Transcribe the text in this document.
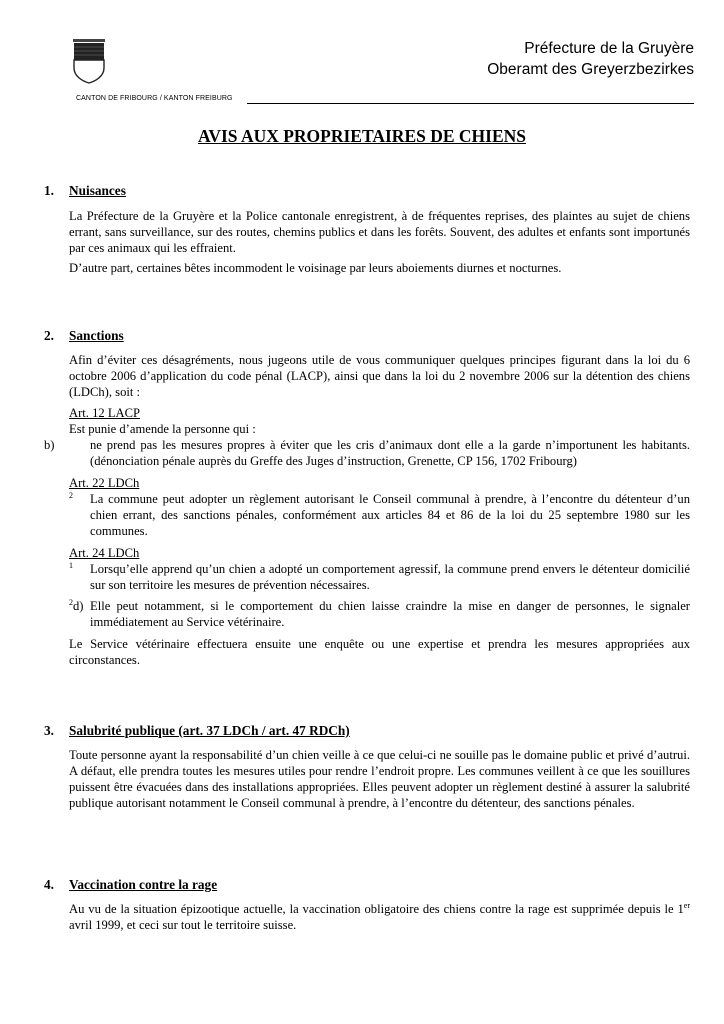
Préfecture de la Gruyère
Oberamt des Greyerzbezirkes
CANTON DE FRIBOURG / KANTON FREIBURG
AVIS AUX PROPRIETAIRES DE CHIENS
1. Nuisances

La Préfecture de la Gruyère et la Police cantonale enregistrent, à de fréquentes reprises, des plaintes au sujet de chiens errant, sans surveillance, sur des routes, chemins publics et dans les forêts. Souvent, des adultes et enfants sont importunés par ces animaux qui les effraient.

D’autre part, certaines bêtes incommodent le voisinage par leurs aboiements diurnes et nocturnes.

2. Sanctions

Afin d’éviter ces désagréments, nous jugeons utile de vous communiquer quelques principes figurant dans la loi du 6 octobre 2006 d’application du code pénal (LACP), ainsi que dans la loi du 2 novembre 2006 sur la détention des chiens (LDCh), soit :

Art. 12 LACP
Est punie d’amende la personne qui :
b)	ne prend pas les mesures propres à éviter que les cris d’animaux dont elle a la garde n’importunent les habitants. (dénonciation pénale auprès du Greffe des Juges d’instruction, Grenette, CP 156, 1702 Fribourg)
Art. 22 LDCh
2 La commune peut adopter un règlement autorisant le Conseil communal à prendre, à l’encontre du détenteur d’un chien errant, des sanctions pénales, conformément aux articles 84 et 86 de la loi du 25 septembre 1980 sur les communes.
Art. 24 LDCh
1 Lorsqu’elle apprend qu’un chien a adopté un comportement agressif, la commune prend envers le détenteur domicilié sur son territoire les mesures de prévention nécessaires.
$^2$d) Elle peut notamment, si le comportement du chien laisse craindre la mise en danger de personnes, le signaler immédiatement au Service vétérinaire.

Le Service vétérinaire effectuera ensuite une enquête ou une expertise et prendra les mesures appropriées aux circonstances.

3. Salubrité publique (art. 37 LDCh / art. 47 RDCh)

Toute personne ayant la responsabilité d’un chien veille à ce que celui-ci ne souille pas le domaine public et privé d’autrui. A défaut, elle prendra toutes les mesures utiles pour rendre l’endroit propre. Les communes veillent à ce que les souillures puissent être évacuées dans des installations appropriées. Elles peuvent adopter un règlement destiné à assurer la salubrité publique autorisant notamment le Conseil communal à prendre, à l’encontre du détenteur, des sanctions pénales.

4. Vaccination contre la rage

Au vu de la situation épizootique actuelle, la vaccination obligatoire des chiens contre la rage est supprimée depuis le 1er avril 1999, et ceci sur tout le territoire suisse.
